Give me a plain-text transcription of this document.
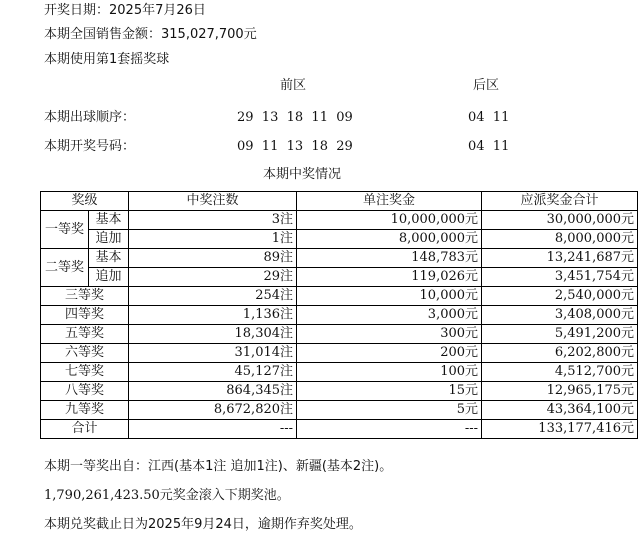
开奖日期：2025年7月26日
本期全国销售金额：315,027,700元
本期使用第1套摇奖球
前区	后区
本期出球顺序：	29  13  18  11  09	04  11
本期开奖号码：	09  11  13  18  29	04  11
本期中奖情况
奖级		中奖注数	单注奖金	应派奖金合计
一等奖	基本	3注	10,000,000元	30,000,000元
	追加	1注	8,000,000元	8,000,000元
二等奖	基本	89注	148,783元	13,241,687元
	追加	29注	119,026元	3,451,754元
三等奖		254注	10,000元	2,540,000元
四等奖		1,136注	3,000元	3,408,000元
五等奖		18,304注	300元	5,491,200元
六等奖		31,014注	200元	6,202,800元
七等奖		45,127注	100元	4,512,700元
八等奖		864,345注	15元	12,965,175元
九等奖		8,672,820注	5元	43,364,100元
合计		---	---	133,177,416元
本期一等奖出自：江西(基本1注 追加1注)、新疆(基本2注)。
1,790,261,423.50元奖金滚入下期奖池。
本期兑奖截止日为2025年9月24日，逾期作弃奖处理。
